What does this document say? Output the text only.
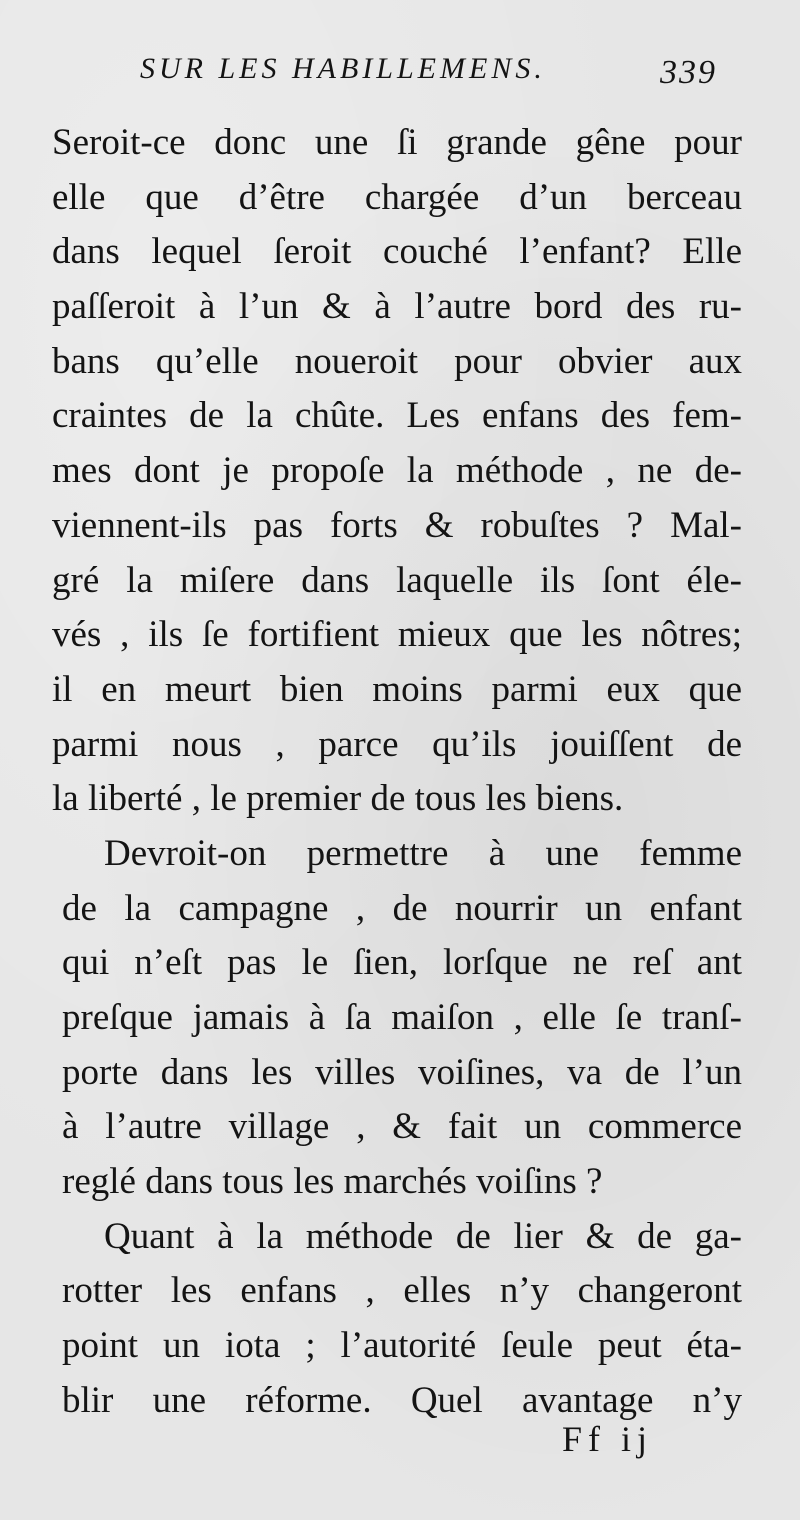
SUR LES HABILLEMENS.	339
Seroit-ce donc une ſi grande gêne pour
elle que d’être chargée d’un berceau
dans lequel ſeroit couché l’enfant? Elle
paſſeroit à l’un & à l’autre bord des ru-
bans qu’elle noueroit pour obvier aux
craintes de la chûte. Les enfans des fem-
mes dont je propoſe la méthode , ne de-
viennent-ils pas forts & robuſtes ? Mal-
gré la miſere dans laquelle ils ſont éle-
vés , ils ſe fortifient mieux que les nôtres;
il en meurt bien moins parmi eux que
parmi nous , parce qu’ils jouiſſent de
la liberté , le premier de tous les biens.
Devroit-on permettre à une femme
de la campagne , de nourrir un enfant
qui n’eſt pas le ſien, lorſque ne reſ ant
preſque jamais à ſa maiſon , elle ſe tranſ-
porte dans les villes voiſines, va de l’un
à l’autre village , & fait un commerce
reglé dans tous les marchés voiſins ?
Quant à la méthode de lier & de ga-
rotter les enfans , elles n’y changeront
point un iota ; l’autorité ſeule peut éta-
blir une réforme. Quel avantage n’y
Ff ij
